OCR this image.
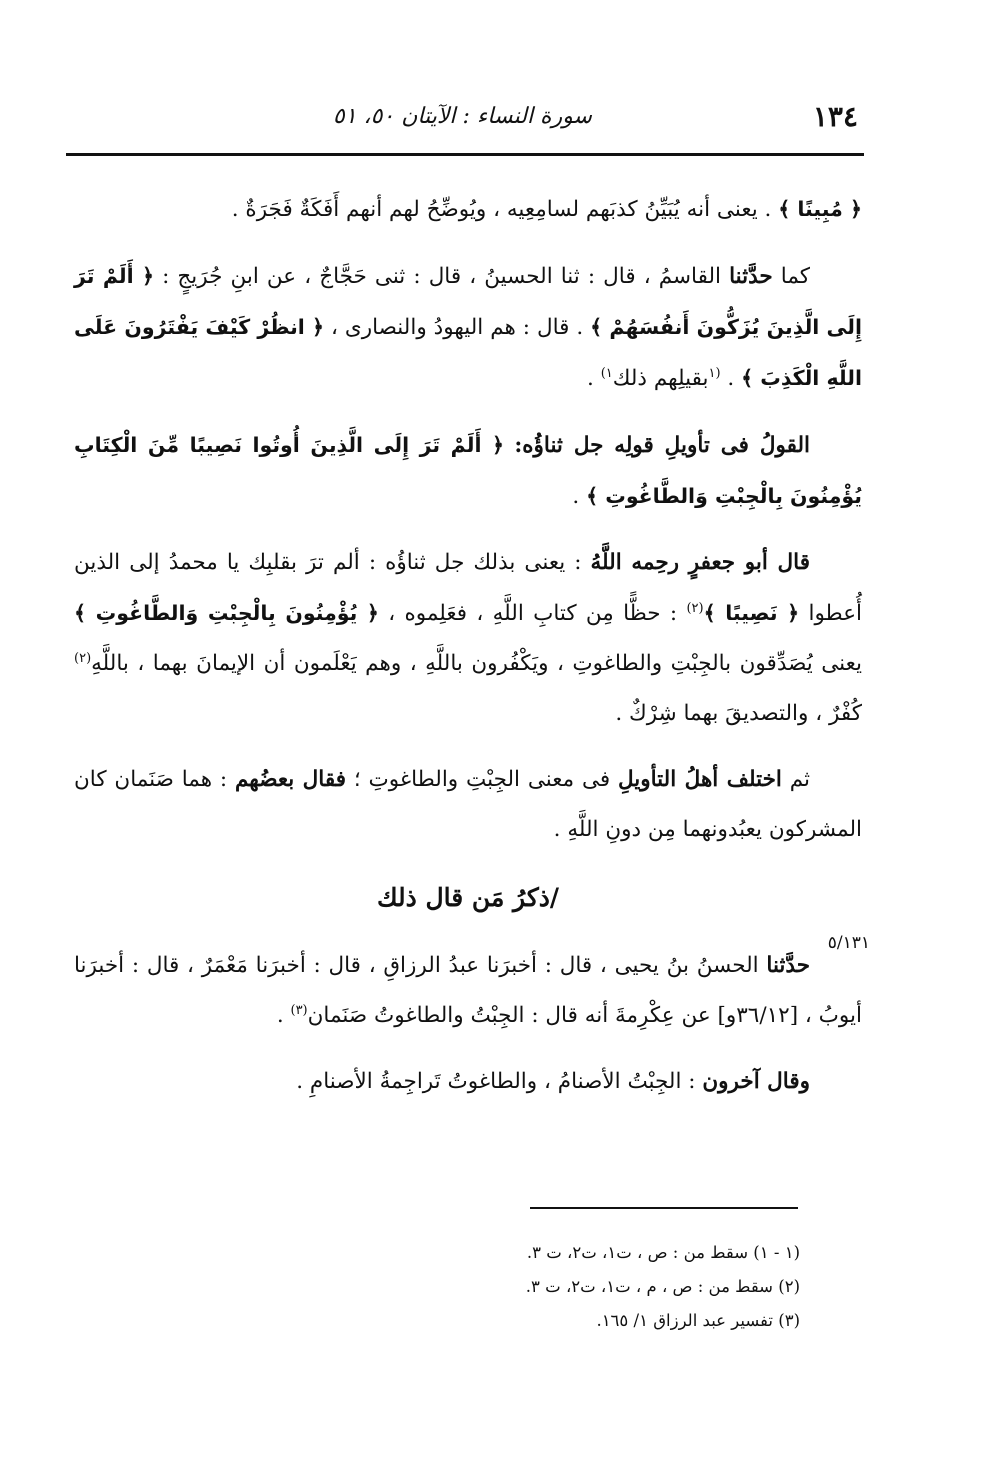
١٣٤
سورة النساء : الآيتان ٥٠، ٥١
٥/١٣١

﴿ مُبِينًا ﴾ . يعنى أنه يُبَيِّنُ كذبَهم لسامِعِيه ، ويُوضِّحُ لهم أنهم أَفَكَةٌ فَجَرَةٌ .

كما حدَّثنا القاسمُ ، قال : ثنا الحسينُ ، قال : ثنى حَجَّاجٌ ، عن ابنِ جُرَيجٍ : ﴿ أَلَمْ تَرَ إِلَى الَّذِينَ يُزَكُّونَ أَنفُسَهُمْ ﴾ . قال : هم اليهودُ والنصارى ، ﴿ انظُرْ كَيْفَ يَفْتَرُونَ عَلَى اللَّهِ الْكَذِبَ ﴾ . $^{(١}$بقيلِهم ذلك$^{١)}$ .

القولُ فى تأويلِ قولِه جل ثناؤُه: ﴿ أَلَمْ تَرَ إِلَى الَّذِينَ أُوتُوا نَصِيبًا مِّنَ الْكِتَابِ يُؤْمِنُونَ بِالْجِبْتِ وَالطَّاغُوتِ ﴾ .

قال أبو جعفرٍ رحِمه اللَّهُ : يعنى بذلك جل ثناؤُه : ألم ترَ بقلبِك يا محمدُ إلى الذين أُعطوا ﴿ نَصِيبًا ﴾$^{(٢)}$ : حظًّا مِن كتابِ اللَّهِ ، فعَلِموه ، ﴿ يُؤْمِنُونَ بِالْجِبْتِ وَالطَّاغُوتِ ﴾ يعنى يُصَدِّقون بالجِبْتِ والطاغوتِ ، ويَكْفُرون باللَّهِ ، وهم يَعْلَمون أن الإيمانَ بهما ، باللَّهِ$^{(٢)}$ كُفْرٌ ، والتصديقَ بهما شِرْكٌ .

ثم اختلف أهلُ التأويلِ فى معنى الجِبْتِ والطاغوتِ ؛ فقال بعضُهم : هما صَنَمان كان المشركون يعبُدونهما مِن دونِ اللَّهِ .

/ذكرُ مَن قال ذلك

حدَّثنا الحسنُ بنُ يحيى ، قال : أخبرَنا عبدُ الرزاقِ ، قال : أخبرَنا مَعْمَرٌ ، قال : أخبرَنا أيوبُ ، [٣٦/١٢و] عن عِكْرِمةَ أنه قال : الجِبْتُ والطاغوتُ صَنَمان$^{(٣)}$ .

وقال آخرون : الجِبْتُ الأصنامُ ، والطاغوتُ تَراجِمةُ الأصنامِ .

(١ - ١) سقط من : ص ، ت١، ت٢، ت ٣.
(٢) سقط من : ص ، م ، ت١، ت٢، ت ٣.
(٣) تفسير عبد الرزاق ١/ ١٦٥.
